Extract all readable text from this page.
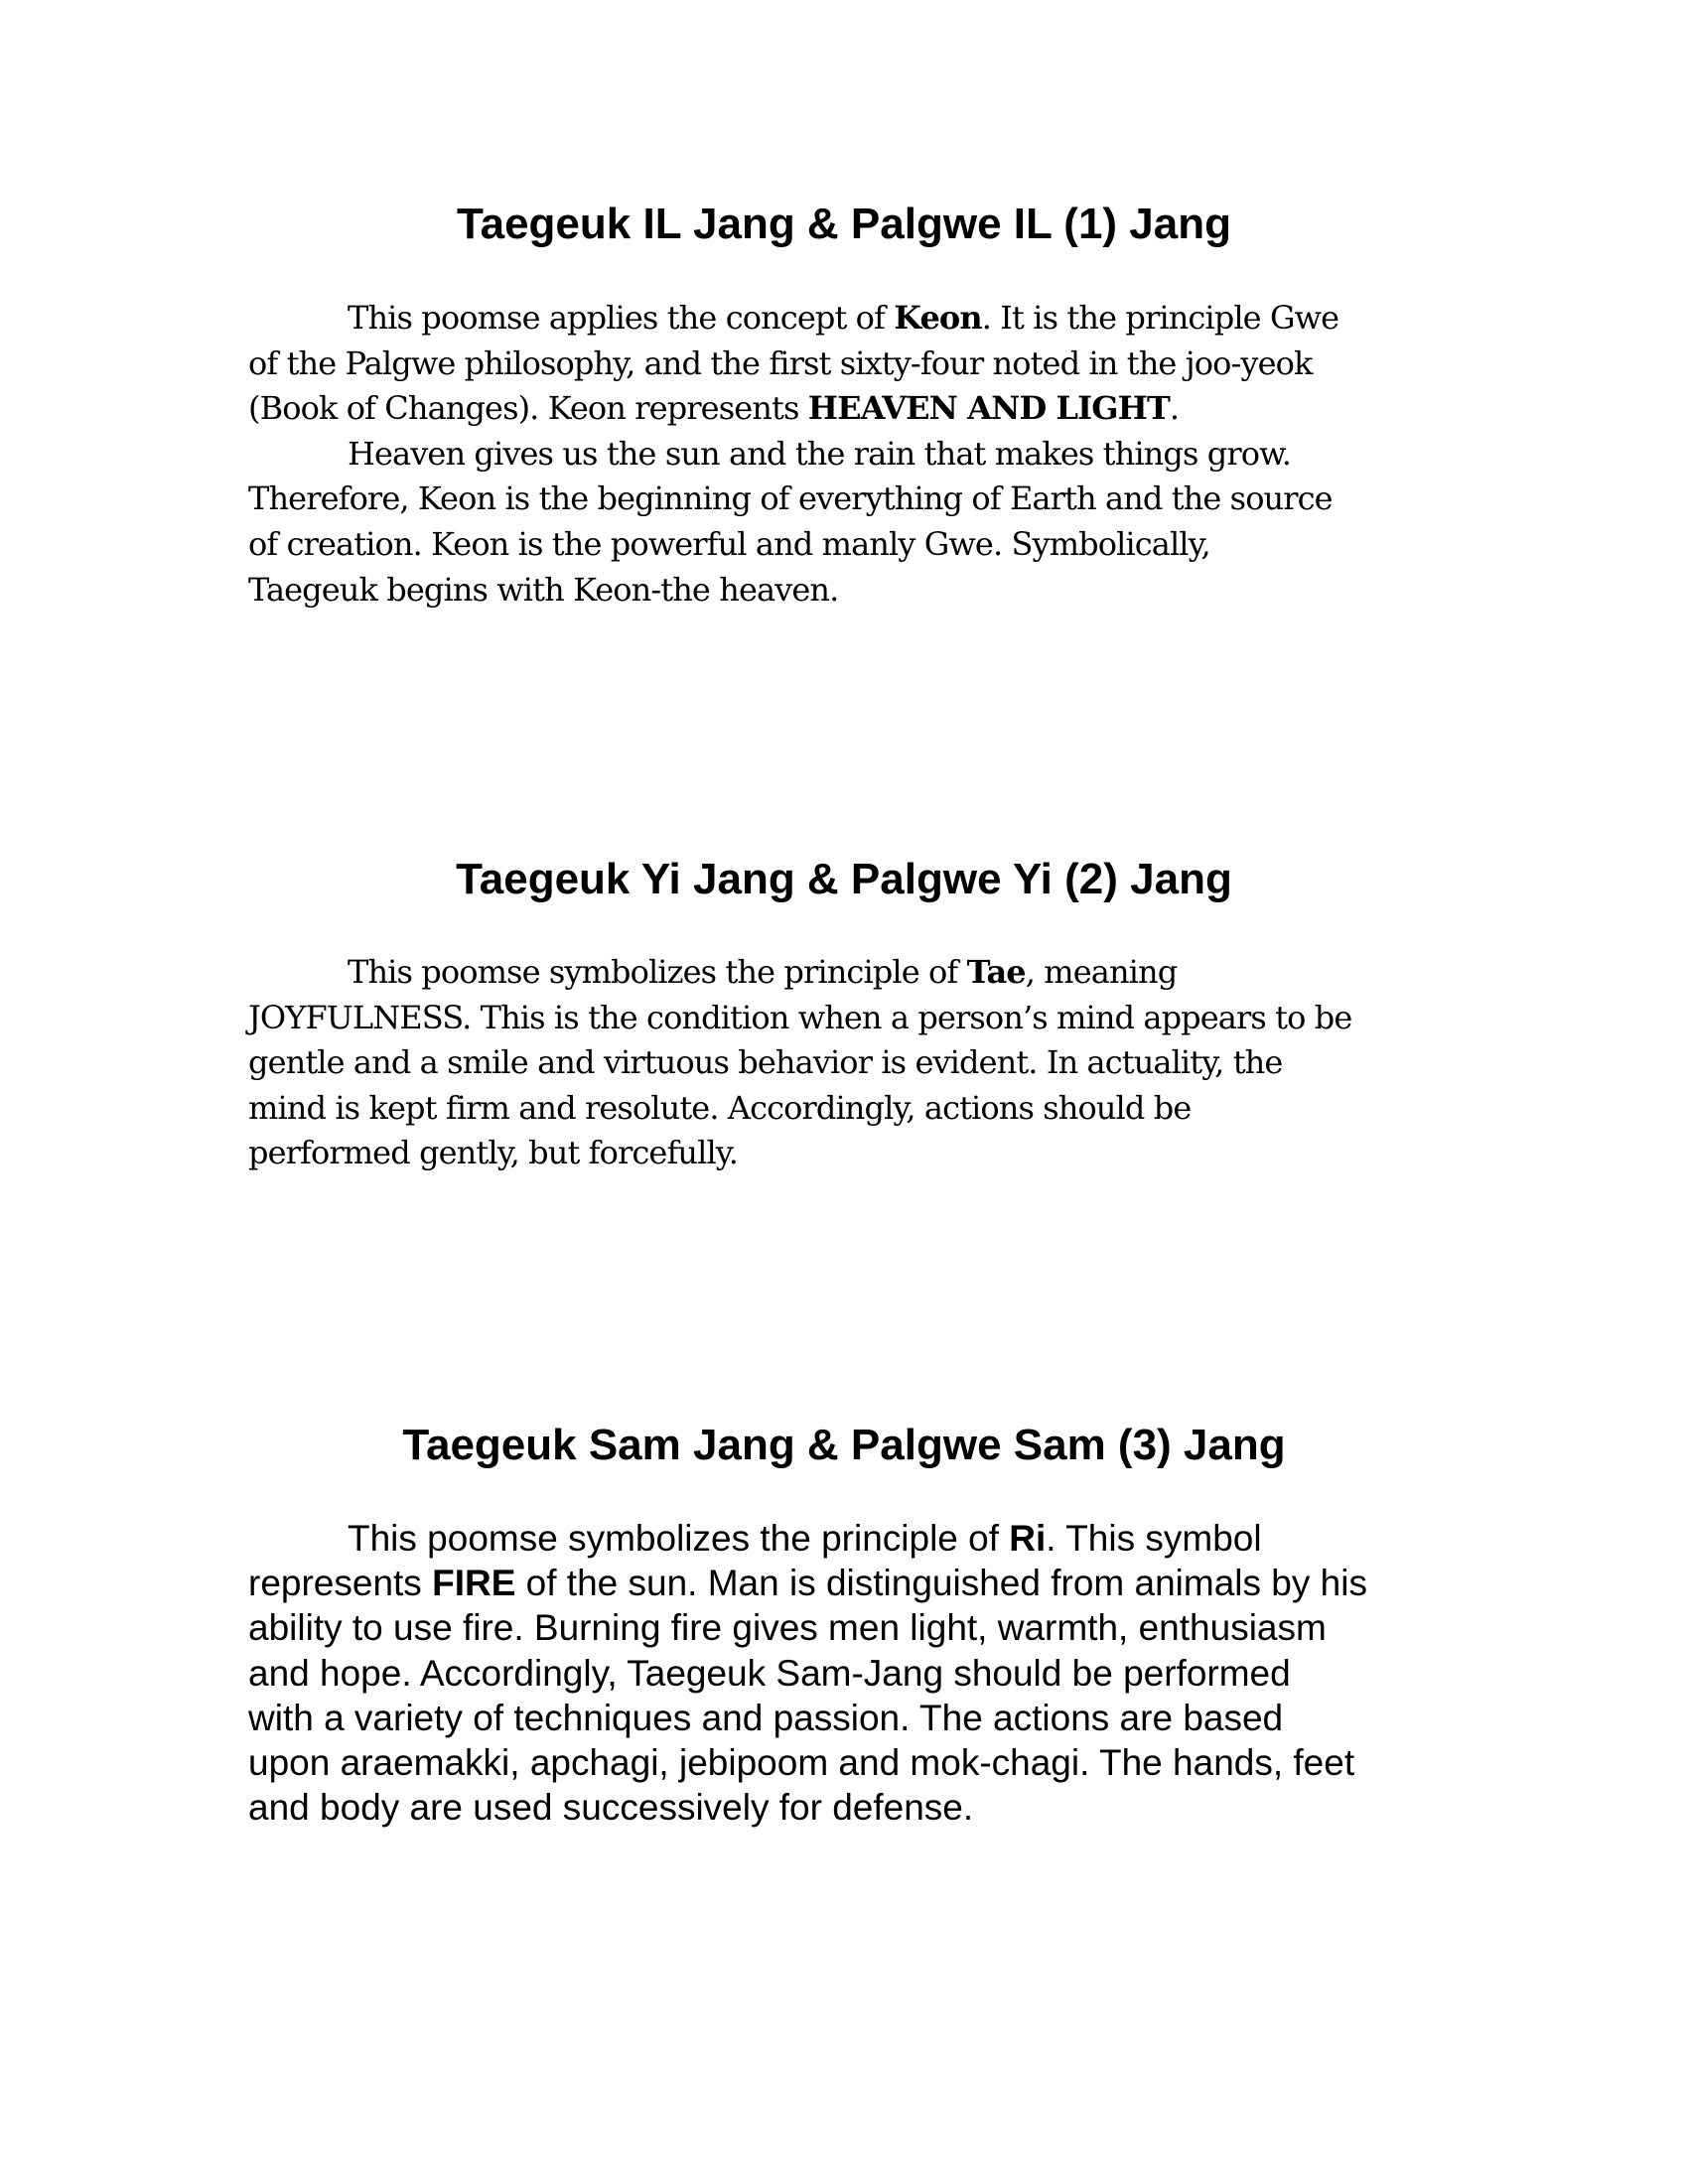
Taegeuk IL Jang & Palgwe IL (1) Jang
This poomse applies the concept of Keon. It is the principle Gwe
of the Palgwe philosophy, and the first sixty-four noted in the joo-yeok
(Book of Changes). Keon represents HEAVEN AND LIGHT.
Heaven gives us the sun and the rain that makes things grow.
Therefore, Keon is the beginning of everything of Earth and the source
of creation. Keon is the powerful and manly Gwe. Symbolically,
Taegeuk begins with Keon-the heaven.
Taegeuk Yi Jang & Palgwe Yi (2) Jang
This poomse symbolizes the principle of Tae, meaning
JOYFULNESS. This is the condition when a person’s mind appears to be
gentle and a smile and virtuous behavior is evident. In actuality, the
mind is kept firm and resolute. Accordingly, actions should be
performed gently, but forcefully.
Taegeuk Sam Jang & Palgwe Sam (3) Jang
This poomse symbolizes the principle of Ri. This symbol
represents FIRE of the sun. Man is distinguished from animals by his
ability to use fire. Burning fire gives men light, warmth, enthusiasm
and hope. Accordingly, Taegeuk Sam-Jang should be performed
with a variety of techniques and passion. The actions are based
upon araemakki, apchagi, jebipoom and mok-chagi. The hands, feet
and body are used successively for defense.
